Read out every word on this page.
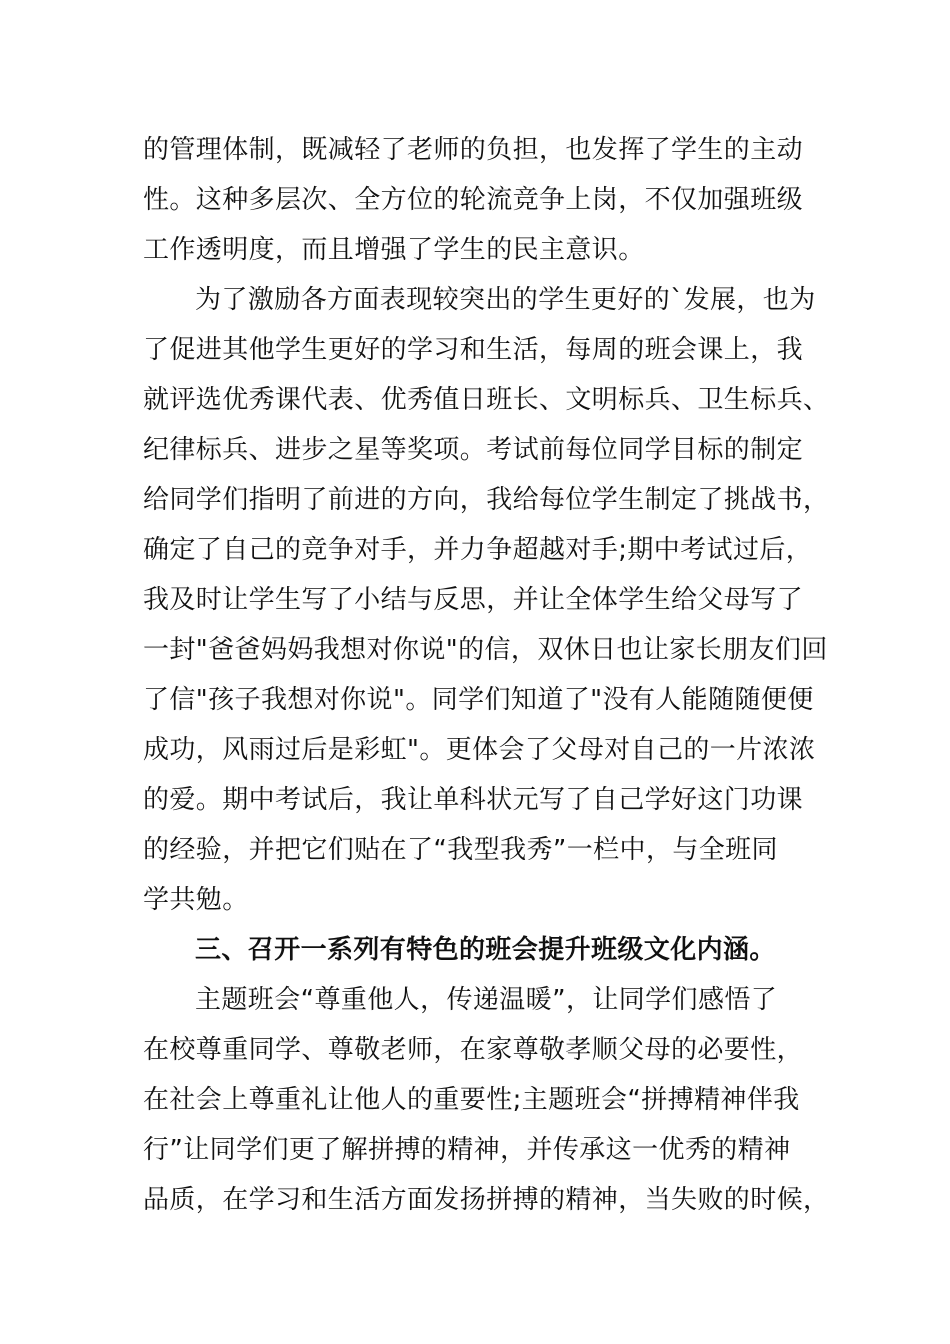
的管理体制，既减轻了老师的负担，也发挥了学生的主动
性。这种多层次、全方位的轮流竞争上岗，不仅加强班级
工作透明度，而且增强了学生的民主意识。
为了激励各方面表现较突出的学生更好的`发展，也为
了促进其他学生更好的学习和生活，每周的班会课上，我
就评选优秀课代表、优秀值日班长、文明标兵、卫生标兵、
纪律标兵、进步之星等奖项。考试前每位同学目标的制定
给同学们指明了前进的方向，我给每位学生制定了挑战书，
确定了自己的竞争对手，并力争超越对手;期中考试过后，
我及时让学生写了小结与反思，并让全体学生给父母写了
一封"爸爸妈妈我想对你说"的信，双休日也让家长朋友们回
了信"孩子我想对你说"。同学们知道了"没有人能随随便便
成功，风雨过后是彩虹"。更体会了父母对自己的一片浓浓
的爱。期中考试后，我让单科状元写了自己学好这门功课
的经验，并把它们贴在了“我型我秀”一栏中，与全班同
学共勉。
三、召开一系列有特色的班会提升班级文化内涵。
主题班会“尊重他人，传递温暖”，让同学们感悟了
在校尊重同学、尊敬老师，在家尊敬孝顺父母的必要性，
在社会上尊重礼让他人的重要性;主题班会“拼搏精神伴我
行”让同学们更了解拼搏的精神，并传承这一优秀的精神
品质，在学习和生活方面发扬拼搏的精神，当失败的时候，
